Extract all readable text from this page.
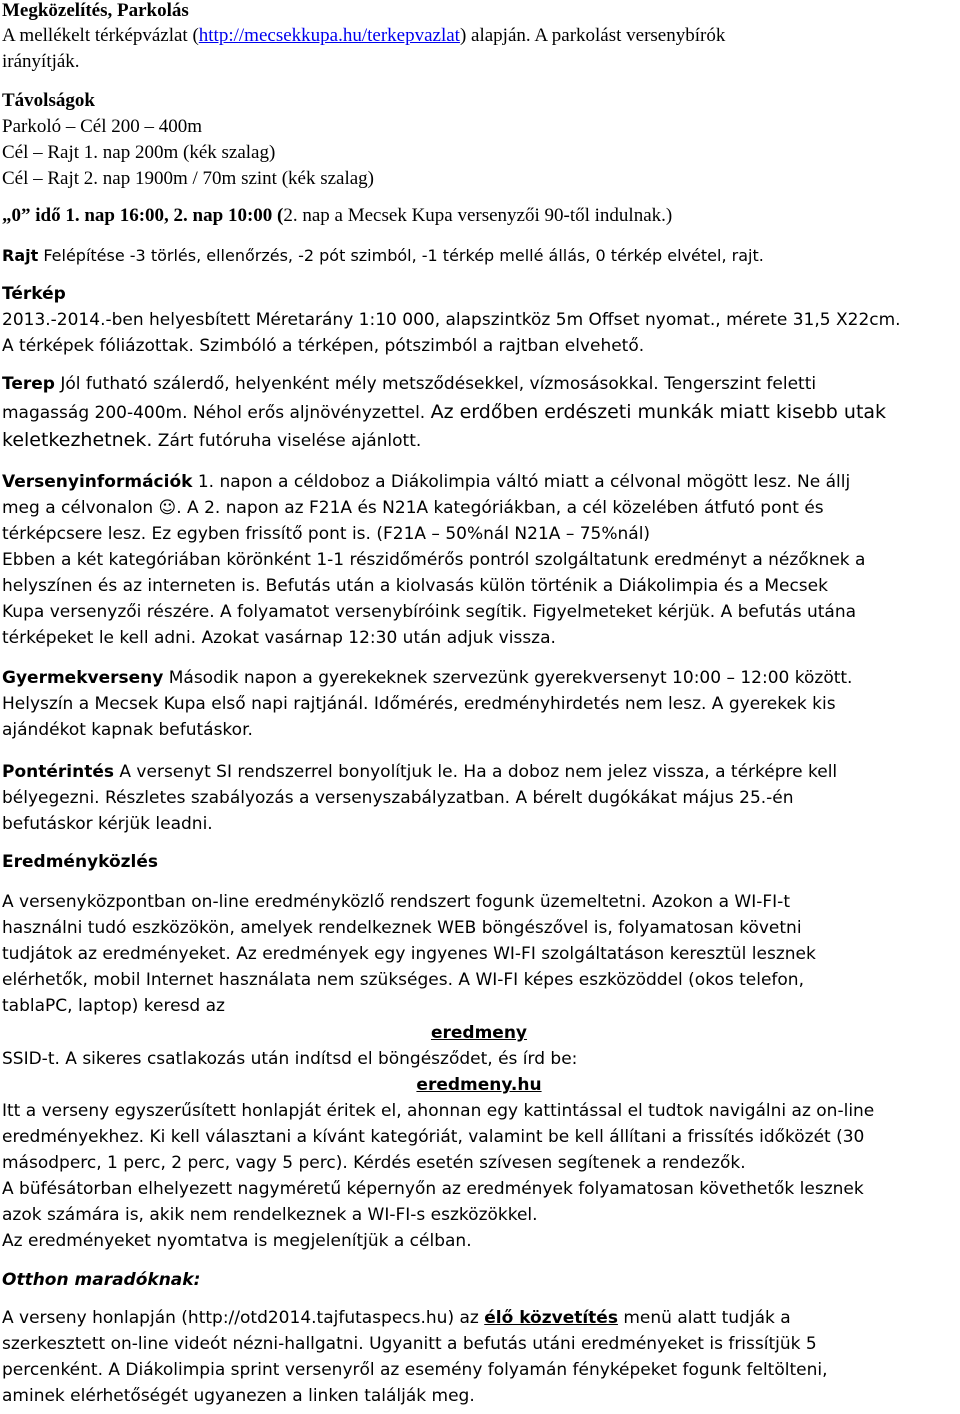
Megközelítés, Parkolás
A mellékelt térképvázlat (http://mecsekkupa.hu/terkepvazlat) alapján. A parkolást versenybírók
irányítják.
Távolságok
Parkoló – Cél 200 – 400m
Cél – Rajt 1. nap 200m (kék szalag)
Cél – Rajt 2. nap 1900m / 70m szint (kék szalag)
„0” idő 1. nap 16:00, 2. nap 10:00 (2. nap a Mecsek Kupa versenyzői 90-től indulnak.)
Rajt Felépítése -3 törlés, ellenőrzés, -2 pót szimból, -1 térkép mellé állás, 0 térkép elvétel, rajt.
Térkép
2013.-2014.-ben helyesbített Méretarány 1:10 000, alapszintköz 5m Offset nyomat., mérete 31,5 X22cm.
A térképek fóliázottak. Szimbóló a térképen, pótszimból a rajtban elvehető.
Terep Jól futható szálerdő, helyenként mély metsződésekkel, vízmosásokkal. Tengerszint feletti
magasság 200-400m. Néhol erős aljnövényzettel. Az erdőben erdészeti munkák miatt kisebb utak
keletkezhetnek. Zárt futóruha viselése ajánlott.
Versenyinformációk 1. napon a céldoboz a Diákolimpia váltó miatt a célvonal mögött lesz. Ne állj
meg a célvonalon ☺. A 2. napon az F21A és N21A kategóriákban, a cél közelében átfutó pont és
térképcsere lesz. Ez egyben frissítő pont is. (F21A – 50%nál N21A – 75%nál)
Ebben a két kategóriában körönként 1-1 részidőmérős pontról szolgáltatunk eredményt a nézőknek a
helyszínen és az interneten is. Befutás után a kiolvasás külön történik a Diákolimpia és a Mecsek
Kupa versenyzői részére. A folyamatot versenybíróink segítik. Figyelmeteket kérjük. A befutás utána
térképeket le kell adni. Azokat vasárnap 12:30 után adjuk vissza.
Gyermekverseny Második napon a gyerekeknek szervezünk gyerekversenyt 10:00 – 12:00 között.
Helyszín a Mecsek Kupa első napi rajtjánál. Időmérés, eredményhirdetés nem lesz. A gyerekek kis
ajándékot kapnak befutáskor.
Pontérintés A versenyt SI rendszerrel bonyolítjuk le. Ha a doboz nem jelez vissza, a térképre kell
bélyegezni. Részletes szabályozás a versenyszabályzatban. A bérelt dugókákat május 25.-én
befutáskor kérjük leadni.
Eredményközlés
A versenyközpontban on-line eredményközlő rendszert fogunk üzemeltetni. Azokon a WI-FI-t
használni tudó eszközökön, amelyek rendelkeznek WEB böngészővel is, folyamatosan követni
tudjátok az eredményeket. Az eredmények egy ingyenes WI-FI szolgáltatáson keresztül lesznek
elérhetők, mobil Internet használata nem szükséges. A WI-FI képes eszközöddel (okos telefon,
tablaPC, laptop) keresd az
eredmeny
SSID-t. A sikeres csatlakozás után indítsd el böngésződet, és írd be:
eredmeny.hu
Itt a verseny egyszerűsített honlapját éritek el, ahonnan egy kattintással el tudtok navigálni az on-line
eredményekhez. Ki kell választani a kívánt kategóriát, valamint be kell állítani a frissítés időközét (30
másodperc, 1 perc, 2 perc, vagy 5 perc). Kérdés esetén szívesen segítenek a rendezők.
A büfésátorban elhelyezett nagyméretű képernyőn az eredmények folyamatosan követhetők lesznek
azok számára is, akik nem rendelkeznek a WI-FI-s eszközökkel.
Az eredményeket nyomtatva is megjelenítjük a célban.
Otthon maradóknak:
A verseny honlapján (http://otd2014.tajfutaspecs.hu) az élő közvetítés menü alatt tudják a
szerkesztett on-line videót nézni-hallgatni. Ugyanitt a befutás utáni eredményeket is frissítjük 5
percenként. A Diákolimpia sprint versenyről az esemény folyamán fényképeket fogunk feltölteni,
aminek elérhetőségét ugyanezen a linken találják meg.
